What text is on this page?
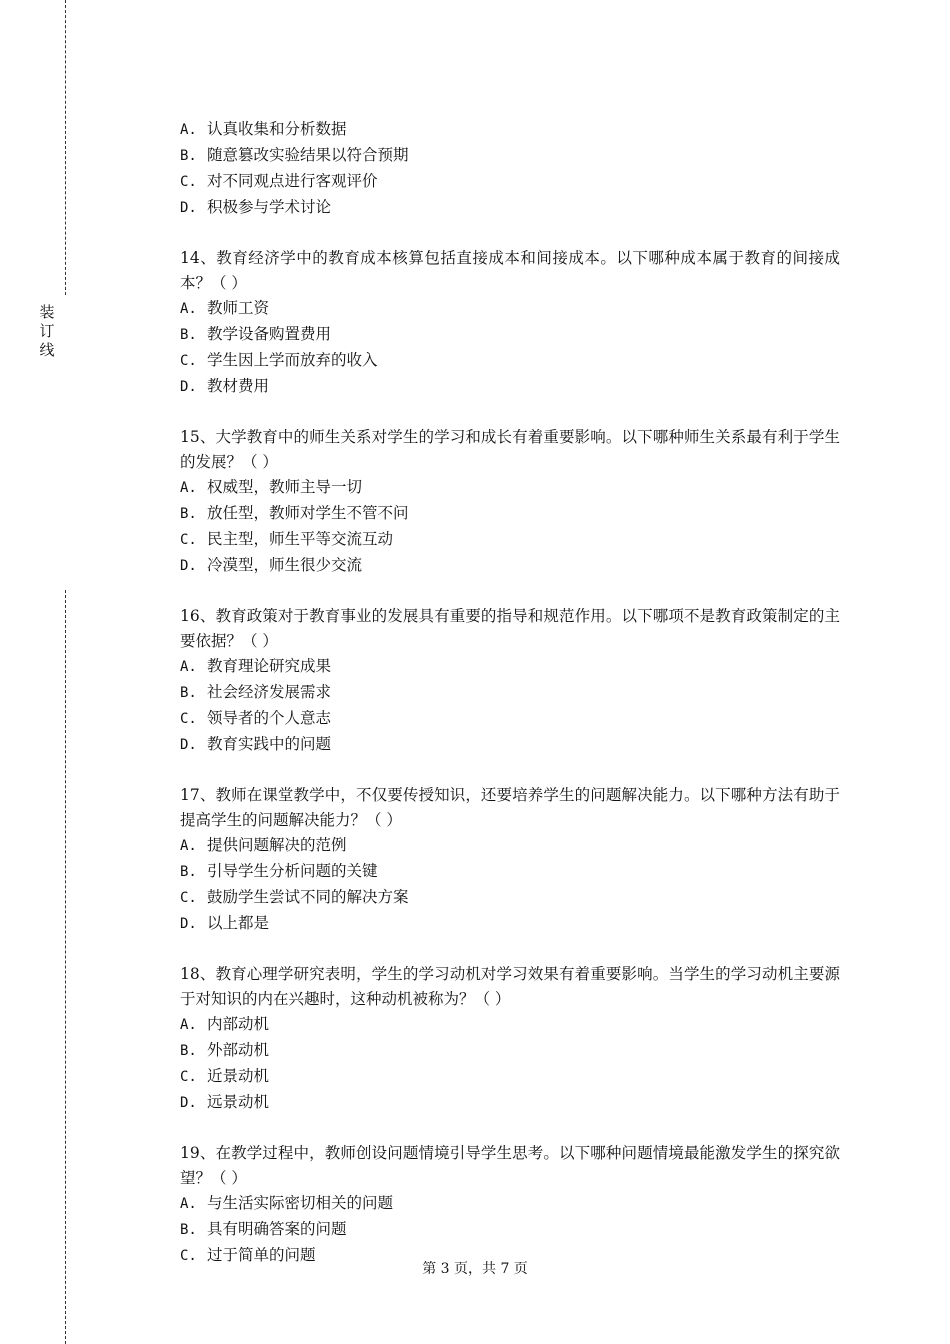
装订线
A. 认真收集和分析数据
B. 随意篡改实验结果以符合预期
C. 对不同观点进行客观评价
D. 积极参与学术讨论
14、教育经济学中的教育成本核算包括直接成本和间接成本。以下哪种成本属于教育的间接成本？（ ）
A. 教师工资
B. 教学设备购置费用
C. 学生因上学而放弃的收入
D. 教材费用
15、大学教育中的师生关系对学生的学习和成长有着重要影响。以下哪种师生关系最有利于学生的发展？（ ）
A. 权威型，教师主导一切
B. 放任型，教师对学生不管不问
C. 民主型，师生平等交流互动
D. 冷漠型，师生很少交流
16、教育政策对于教育事业的发展具有重要的指导和规范作用。以下哪项不是教育政策制定的主要依据？（ ）
A. 教育理论研究成果
B. 社会经济发展需求
C. 领导者的个人意志
D. 教育实践中的问题
17、教师在课堂教学中，不仅要传授知识，还要培养学生的问题解决能力。以下哪种方法有助于提高学生的问题解决能力？（ ）
A. 提供问题解决的范例
B. 引导学生分析问题的关键
C. 鼓励学生尝试不同的解决方案
D. 以上都是
18、教育心理学研究表明，学生的学习动机对学习效果有着重要影响。当学生的学习动机主要源于对知识的内在兴趣时，这种动机被称为？（ ）
A. 内部动机
B. 外部动机
C. 近景动机
D. 远景动机
19、在教学过程中，教师创设问题情境引导学生思考。以下哪种问题情境最能激发学生的探究欲望？（ ）
A. 与生活实际密切相关的问题
B. 具有明确答案的问题
C. 过于简单的问题
第 3 页，共 7 页
